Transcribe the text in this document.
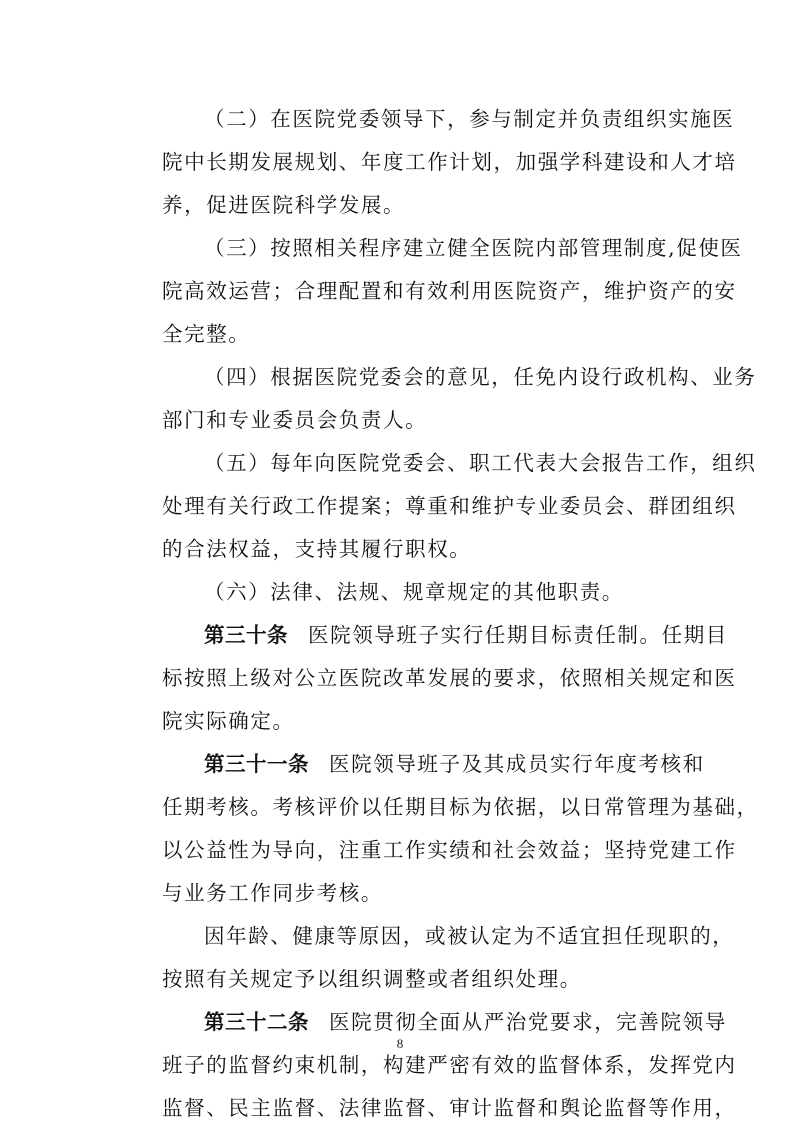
（二）在医院党委领导下，参与制定并负责组织实施医
院中长期发展规划、年度工作计划，加强学科建设和人才培
养，促进医院科学发展。

（三）按照相关程序建立健全医院内部管理制度,促使医
院高效运营；合理配置和有效利用医院资产，维护资产的安
全完整。

（四）根据医院党委会的意见，任免内设行政机构、业务
部门和专业委员会负责人。

（五）每年向医院党委会、职工代表大会报告工作，组织
处理有关行政工作提案；尊重和维护专业委员会、群团组织
的合法权益，支持其履行职权。

（六）法律、法规、规章规定的其他职责。

第三十条 医院领导班子实行任期目标责任制。任期目
标按照上级对公立医院改革发展的要求，依照相关规定和医
院实际确定。

第三十一条 医院领导班子及其成员实行年度考核和
任期考核。考核评价以任期目标为依据，以日常管理为基础，
以公益性为导向，注重工作实绩和社会效益；坚持党建工作
与业务工作同步考核。

因年龄、健康等原因，或被认定为不适宜担任现职的，
按照有关规定予以组织调整或者组织处理。

第三十二条 医院贯彻全面从严治党要求，完善院领导
班子的监督约束机制，构建严密有效的监督体系，发挥党内
监督、民主监督、法律监督、审计监督和舆论监督等作用，

8
